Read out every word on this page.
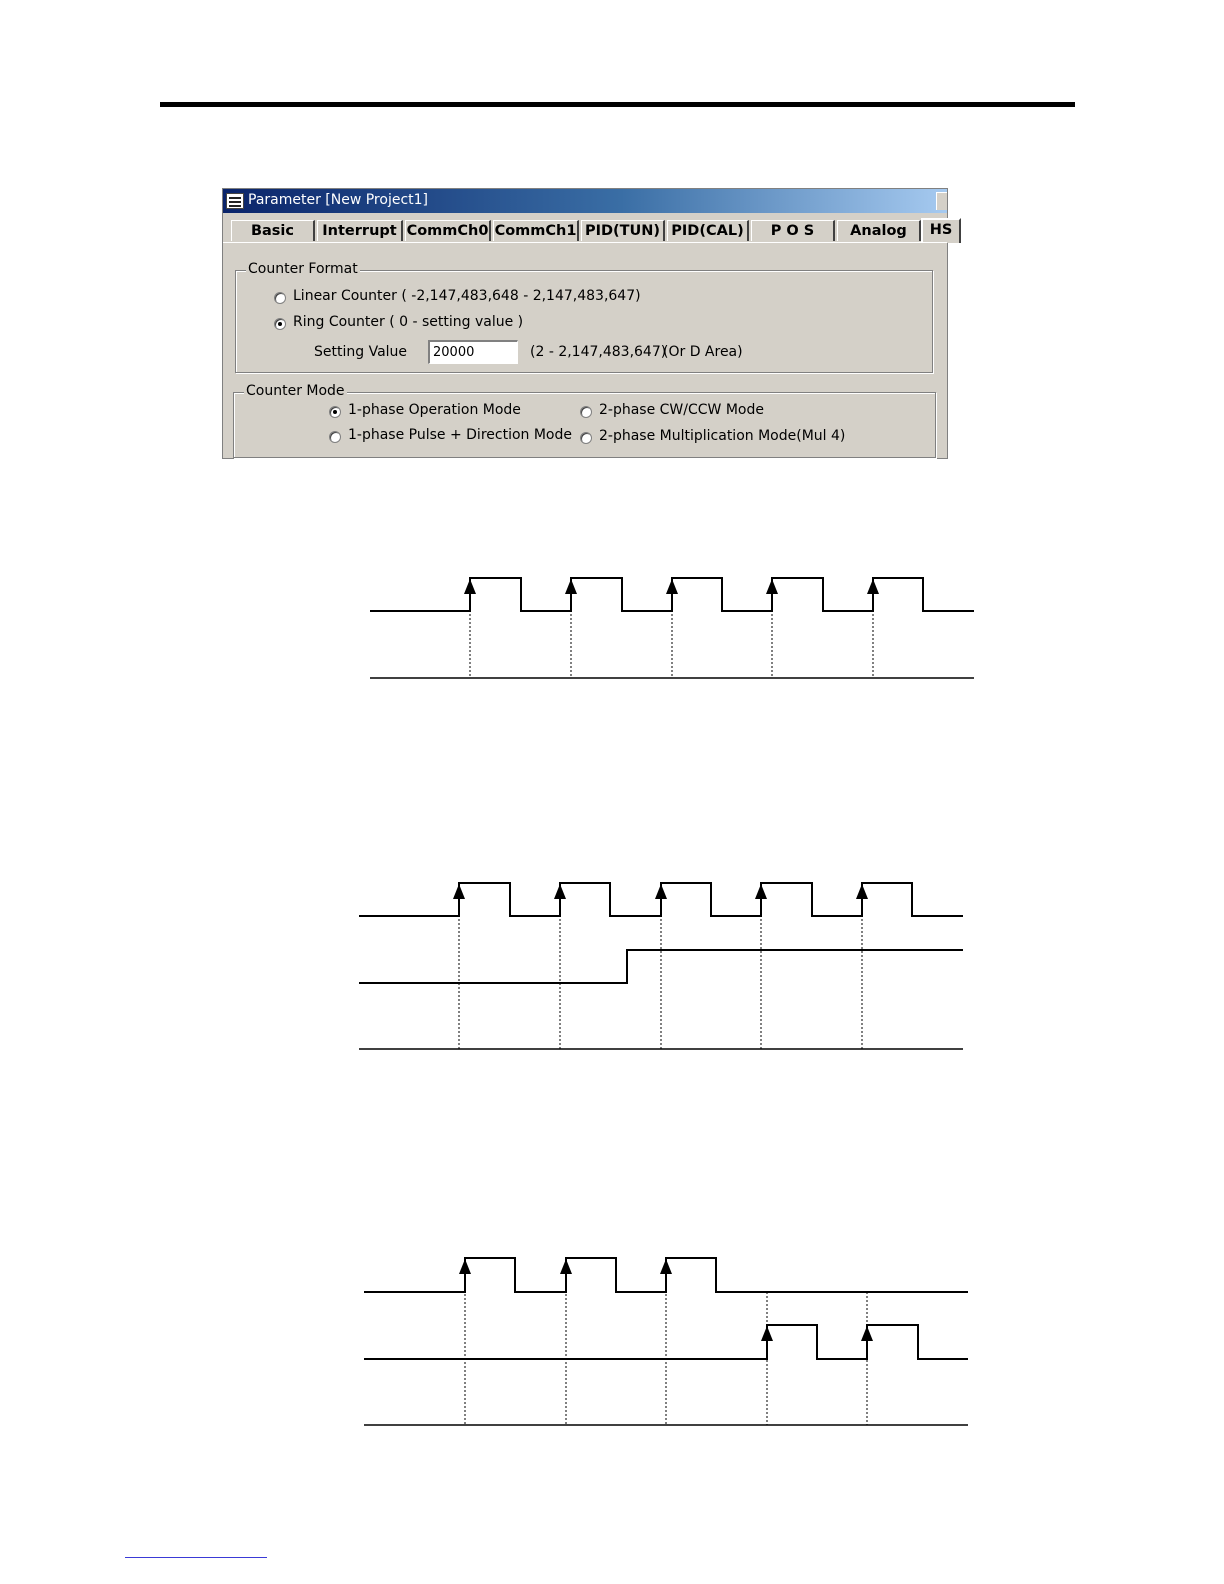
Parameter [New Project1]
Basic	Interrupt CommCh0 CommCh1 PID(TUN) PID(CAL)	P O S	Analog	HS
Counter Format
Linear Counter ( -2,147,483,648 - 2,147,483,647)
Ring Counter ( 0 - setting value )
Setting Value
20000	(2 - 2,147,483,647)
(Or D Area)
Counter Mode
1-phase Operation Mode	2-phase CW/CCW Mode
1-phase Pulse + Direction Mode 2-phase Multiplication Mode(Mul 4)
